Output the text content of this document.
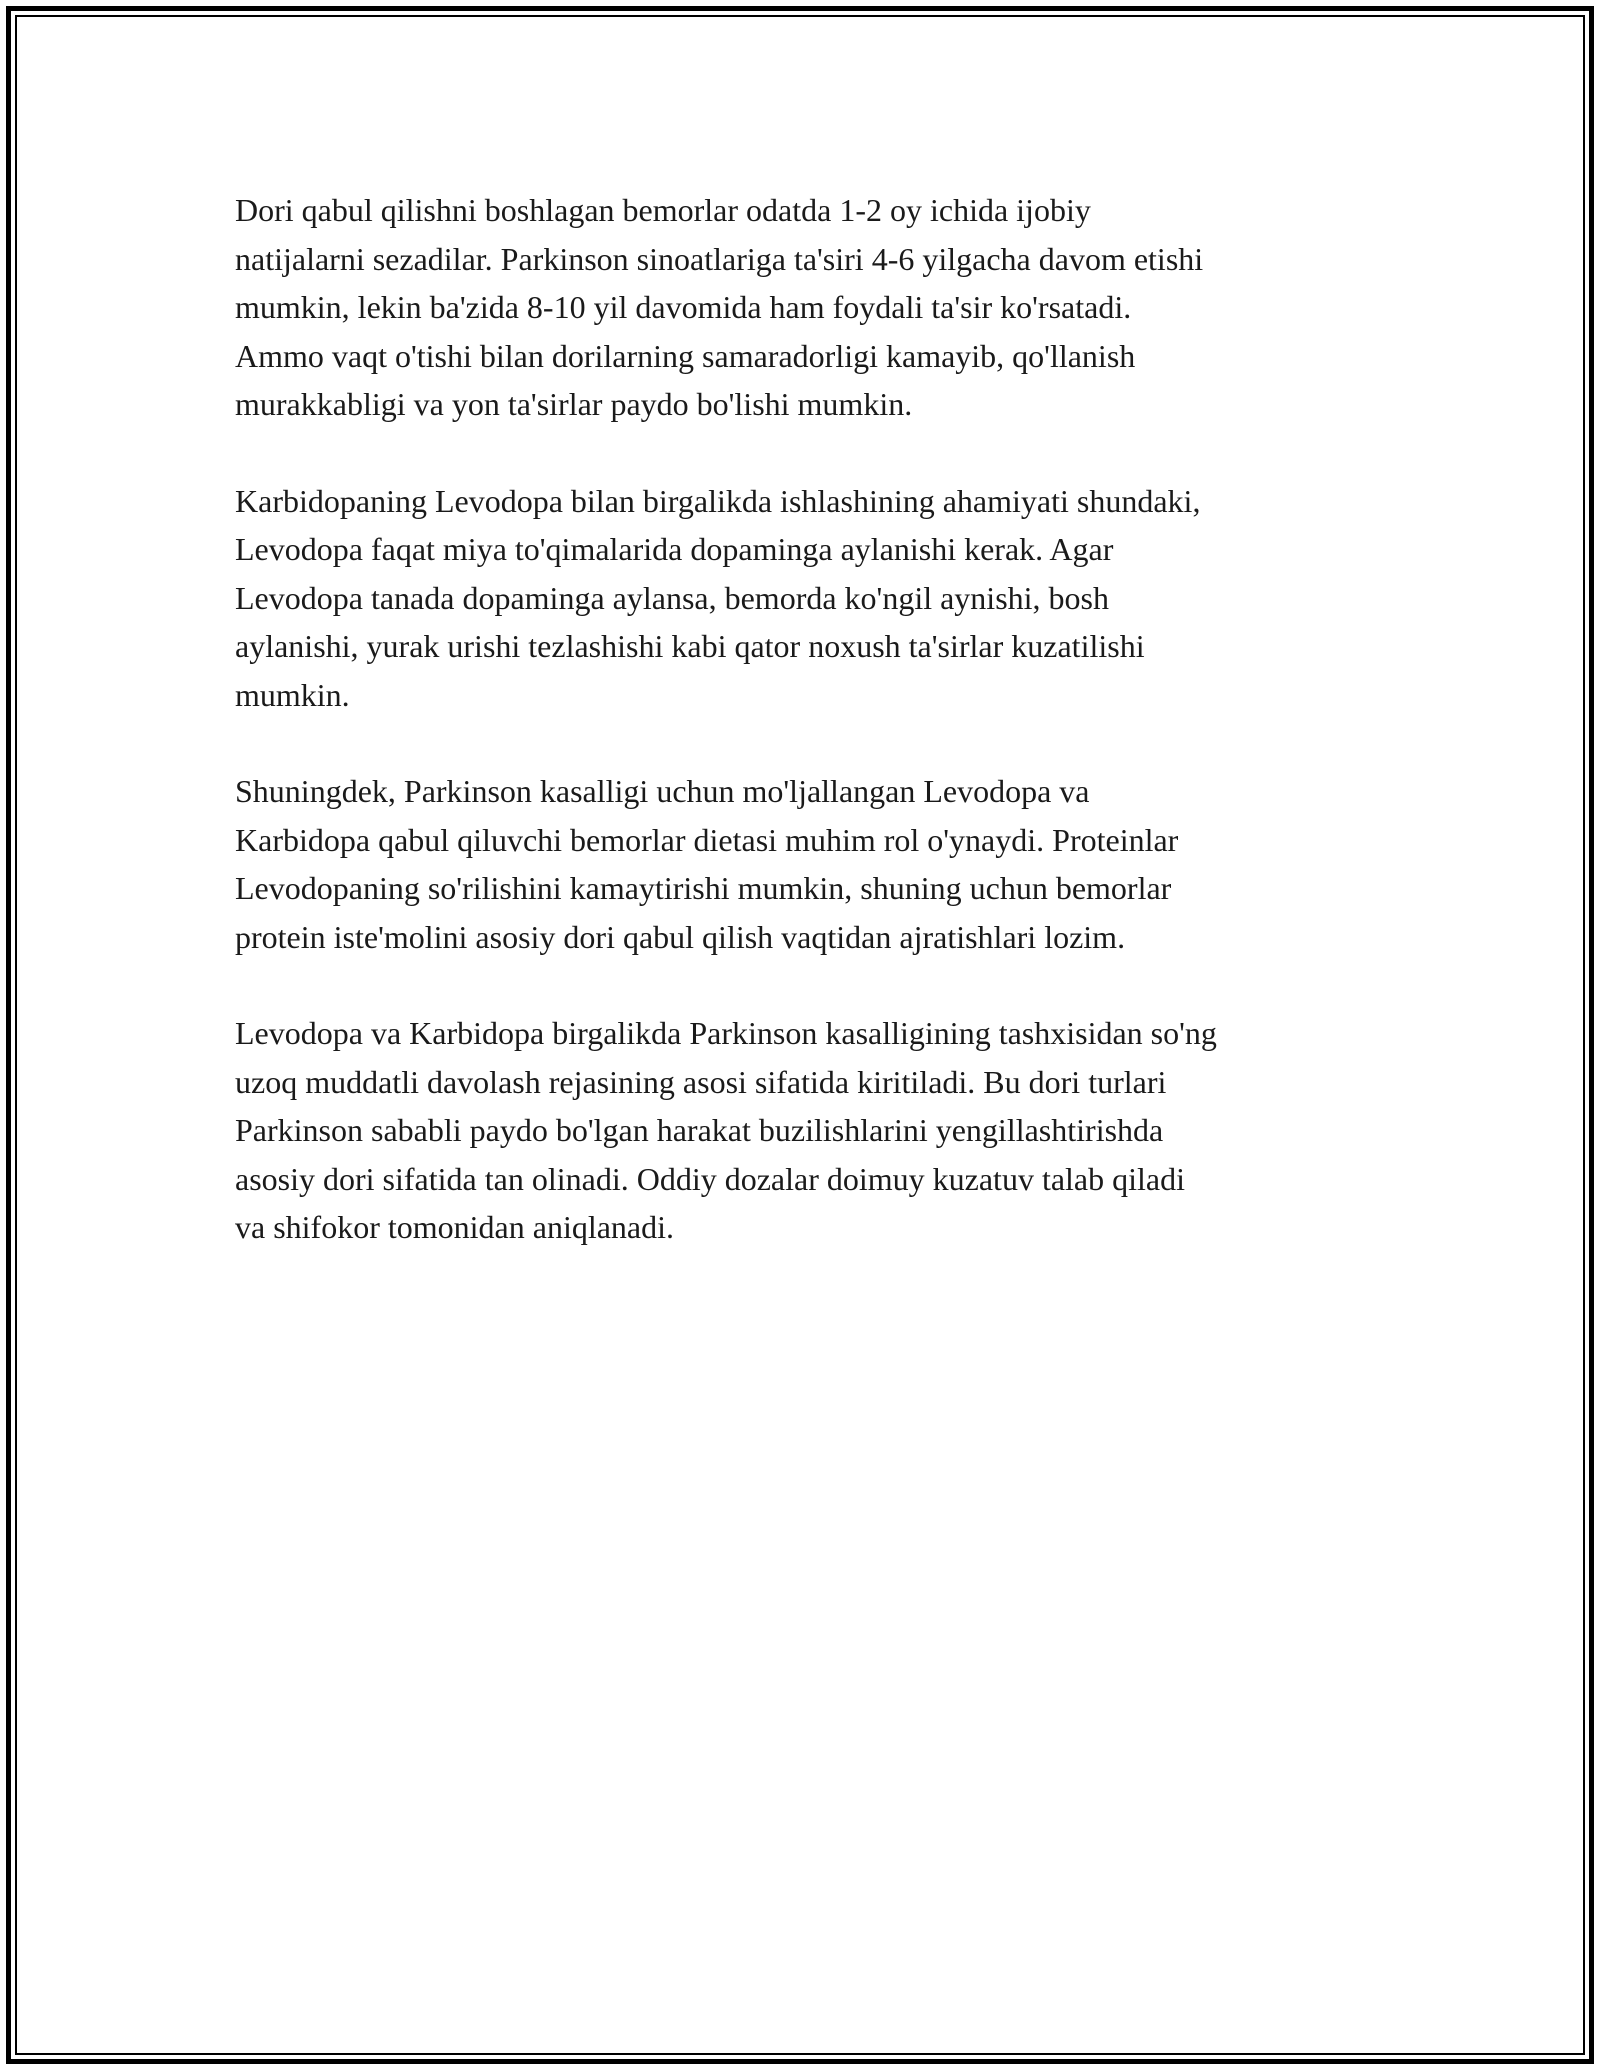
Dori qabul qilishni boshlagan bemorlar odatda 1-2 oy ichida ijobiy
natijalarni sezadilar. Parkinson sinoatlariga ta'siri 4-6 yilgacha davom etishi
mumkin, lekin ba'zida 8-10 yil davomida ham foydali ta'sir ko'rsatadi.
Ammo vaqt o'tishi bilan dorilarning samaradorligi kamayib, qo'llanish
murakkabligi va yon ta'sirlar paydo bo'lishi mumkin.

Karbidopaning Levodopa bilan birgalikda ishlashining ahamiyati shundaki,
Levodopa faqat miya to'qimalarida dopaminga aylanishi kerak. Agar
Levodopa tanada dopaminga aylansa, bemorda ko'ngil aynishi, bosh
aylanishi, yurak urishi tezlashishi kabi qator noxush ta'sirlar kuzatilishi
mumkin.

Shuningdek, Parkinson kasalligi uchun mo'ljallangan Levodopa va
Karbidopa qabul qiluvchi bemorlar dietasi muhim rol o'ynaydi. Proteinlar
Levodopaning so'rilishini kamaytirishi mumkin, shuning uchun bemorlar
protein iste'molini asosiy dori qabul qilish vaqtidan ajratishlari lozim.

Levodopa va Karbidopa birgalikda Parkinson kasalligining tashxisidan so'ng
uzoq muddatli davolash rejasining asosi sifatida kiritiladi. Bu dori turlari
Parkinson sababli paydo bo'lgan harakat buzilishlarini yengillashtirishda
asosiy dori sifatida tan olinadi. Oddiy dozalar doimuy kuzatuv talab qiladi
va shifokor tomonidan aniqlanadi.
